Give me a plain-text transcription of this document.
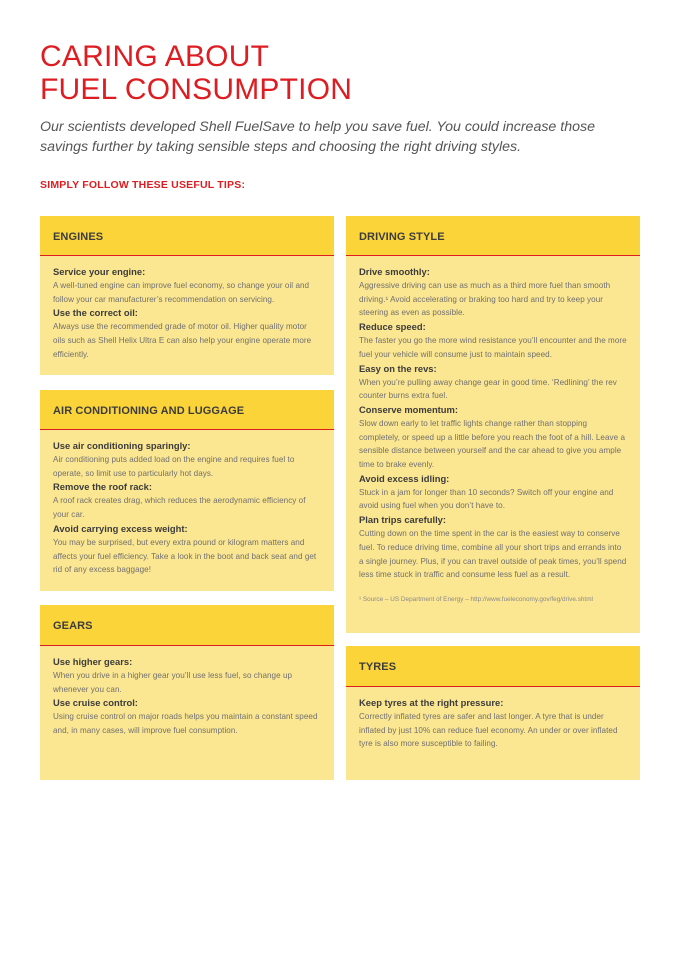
CARING ABOUT
FUEL CONSUMPTION

Our scientists developed Shell FuelSave to help you save fuel. You could increase those savings further by taking sensible steps and choosing the right driving styles.

SIMPLY FOLLOW THESE USEFUL TIPS:
ENGINES
Service your engine:
A well-tuned engine can improve fuel economy, so change your oil and follow your car manufacturer’s recommendation on servicing.
Use the correct oil:
Always use the recommended grade of motor oil. Higher quality motor oils such as Shell Helix Ultra E can also help your engine operate more efficiently.
AIR CONDITIONING AND LUGGAGE
Use air conditioning sparingly:
Air conditioning puts added load on the engine and requires fuel to operate, so limit use to particularly hot days.
Remove the roof rack:
A roof rack creates drag, which reduces the aerodynamic efficiency of your car.
Avoid carrying excess weight:
You may be surprised, but every extra pound or kilogram matters and affects your fuel efficiency. Take a look in the boot and back seat and get rid of any excess baggage!
GEARS
Use higher gears:
When you drive in a higher gear you’ll use less fuel, so change up whenever you can.
Use cruise control:
Using cruise control on major roads helps you maintain a constant speed and, in many cases, will improve fuel consumption.
DRIVING STYLE
Drive smoothly:
Aggressive driving can use as much as a third more fuel than smooth driving.¹ Avoid accelerating or braking too hard and try to keep your steering as even as possible.
Reduce speed:
The faster you go the more wind resistance you’ll encounter and the more fuel your vehicle will consume just to maintain speed.
Easy on the revs:
When you’re pulling away change gear in good time. ‘Redlining’ the rev counter burns extra fuel.
Conserve momentum:
Slow down early to let traffic lights change rather than stopping completely, or speed up a little before you reach the foot of a hill. Leave a sensible distance between yourself and the car ahead to give you ample time to brake evenly.
Avoid excess idling:
Stuck in a jam for longer than 10 seconds? Switch off your engine and avoid using fuel when you don’t have to.
Plan trips carefully:
Cutting down on the time spent in the car is the easiest way to conserve fuel. To reduce driving time, combine all your short trips and errands into a single journey. Plus, if you can travel outside of peak times, you’ll spend less time stuck in traffic and consume less fuel as a result.
¹ Source – US Department of Energy – http://www.fueleconomy.gov/feg/drive.shtml
TYRES
Keep tyres at the right pressure:
Correctly inflated tyres are safer and last longer. A tyre that is under inflated by just 10% can reduce fuel economy. An under or over inflated tyre is also more susceptible to failing.
